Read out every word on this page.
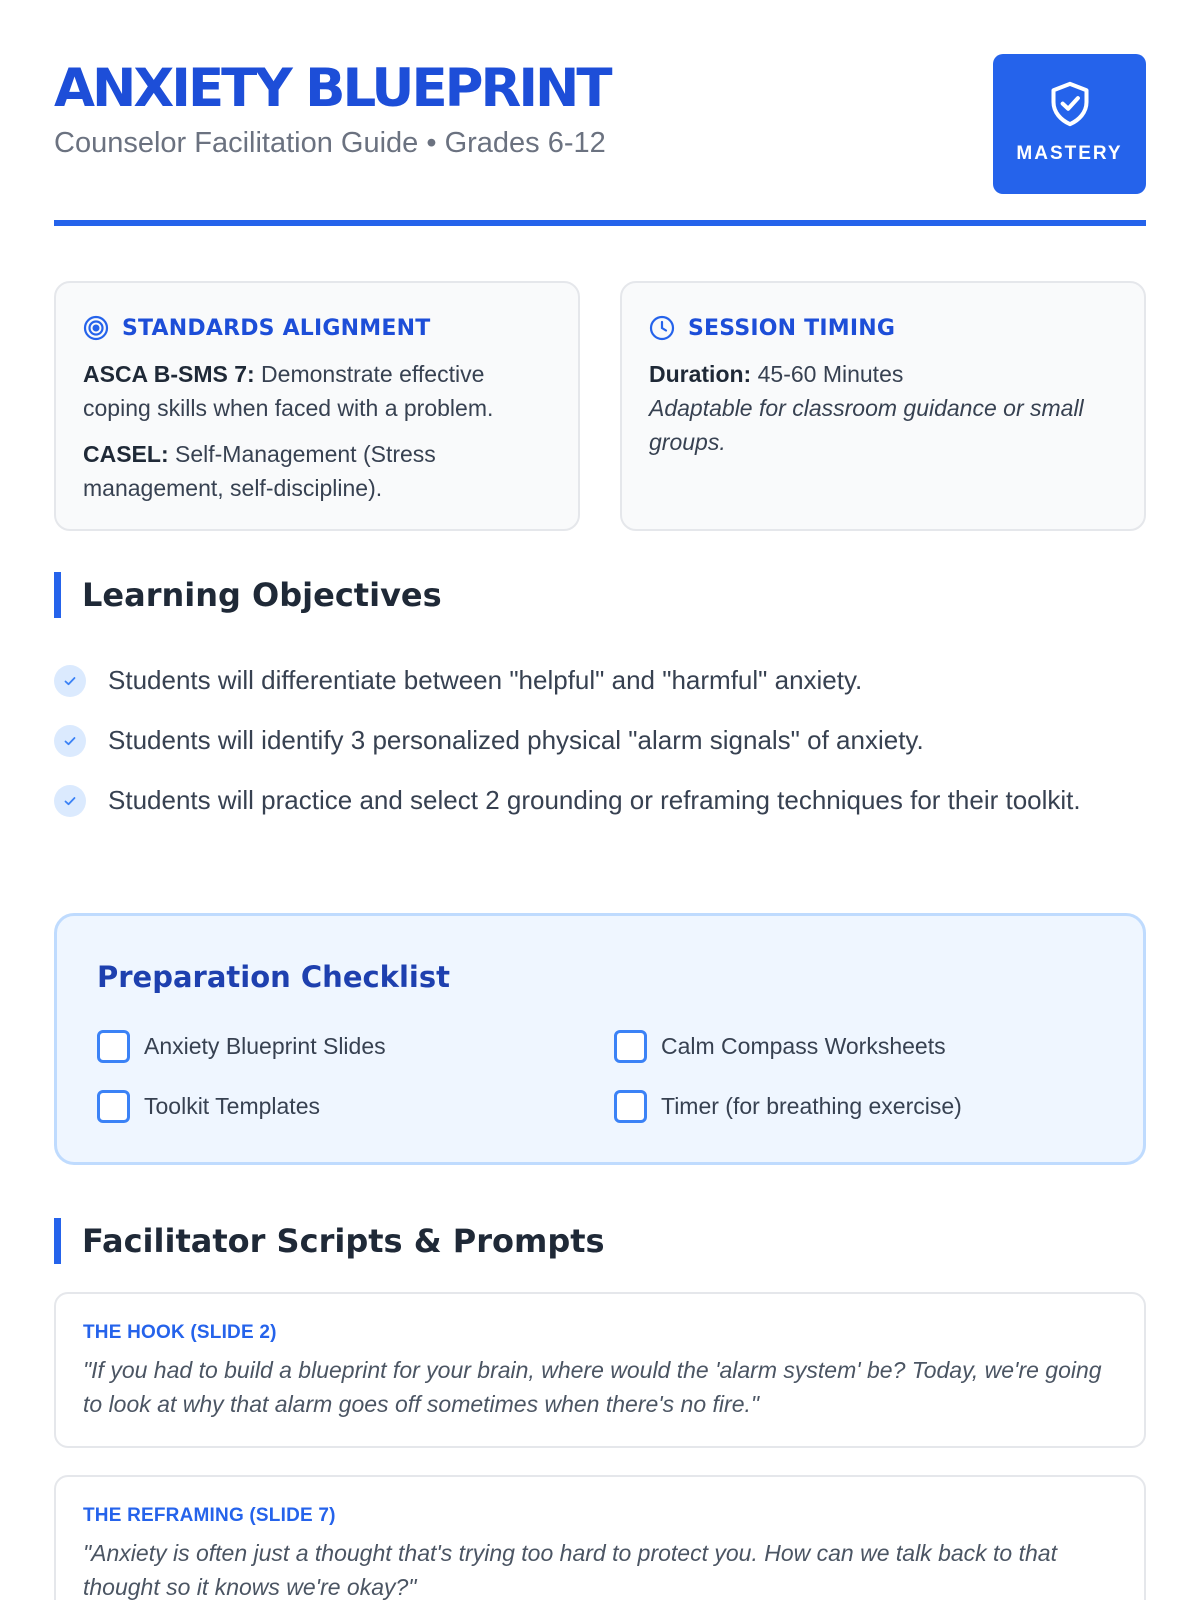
ANXIETY BLUEPRINT
Counselor Facilitation Guide • Grades 6-12	MASTERY
STANDARDS ALIGNMENT

ASCA B-SMS 7: Demonstrate effective coping skills when faced with a problem.

CASEL: Self-Management (Stress management, self-discipline).

SESSION TIMING
Duration: 45-60 Minutes
Adaptable for classroom guidance or small groups.
Learning Objectives
Students will differentiate between "helpful" and "harmful" anxiety.
Students will identify 3 personalized physical "alarm signals" of anxiety.
Students will practice and select 2 grounding or reframing techniques for their toolkit.
Preparation Checklist
Anxiety Blueprint Slides	Calm Compass Worksheets
Toolkit Templates	Timer (for breathing exercise)
Facilitator Scripts & Prompts
THE HOOK (SLIDE 2)
"If you had to build a blueprint for your brain, where would the 'alarm system' be? Today, we're going to look at why that alarm goes off sometimes when there's no fire."
THE REFRAMING (SLIDE 7)
"Anxiety is often just a thought that's trying too hard to protect you. How can we talk back to that thought so it knows we're okay?"
